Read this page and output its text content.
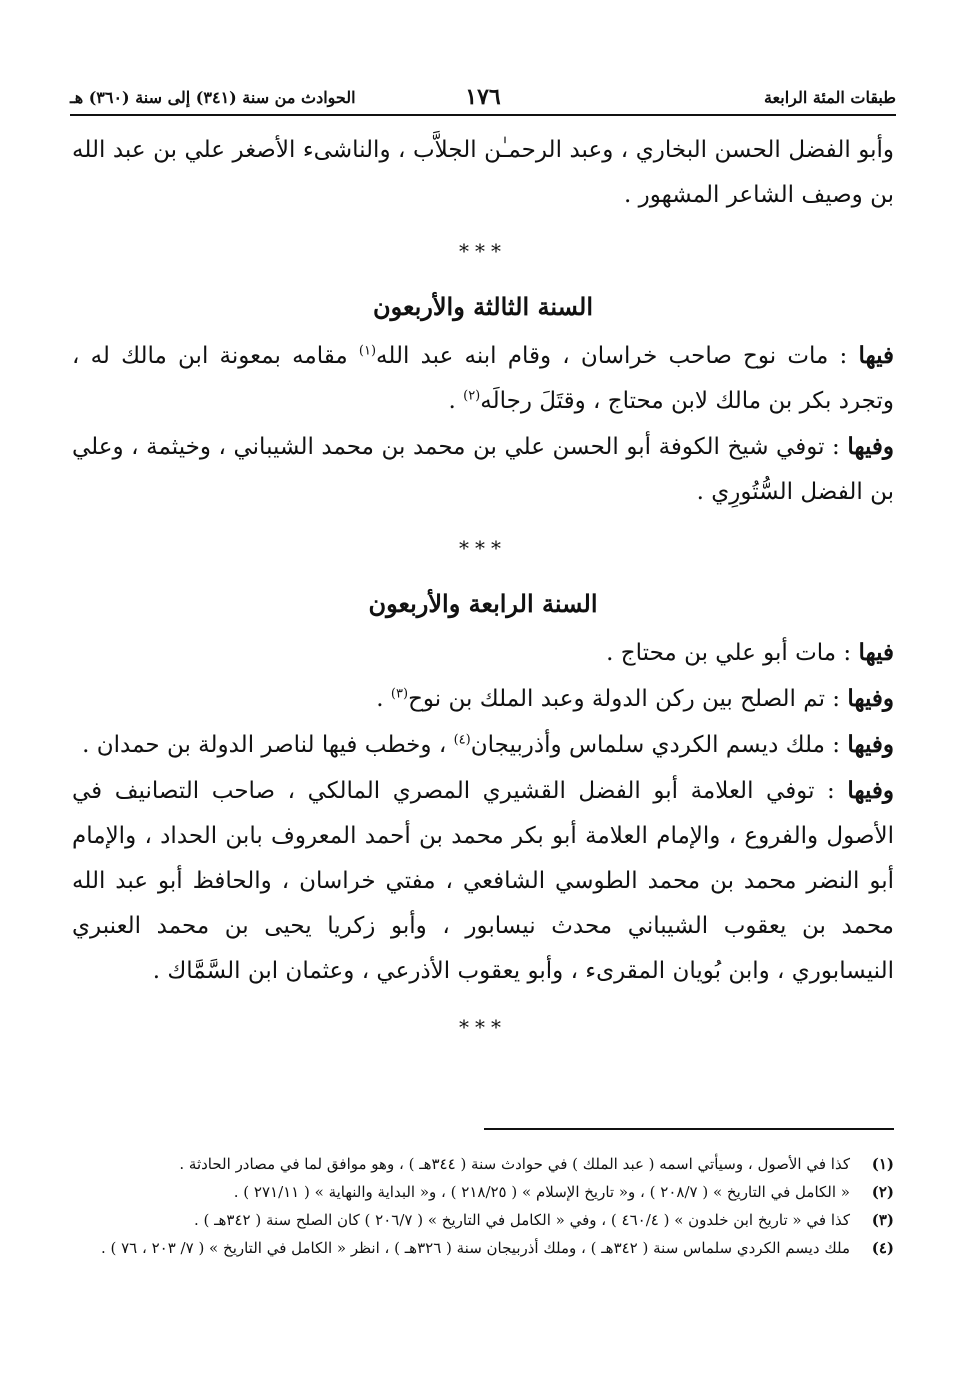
طبقات المئة الرابعة
١٧٦
الحوادث من سنة (٣٤١) إلى سنة (٣٦٠) هـ

وأبو الفضل الحسن البخاري ، وعبد الرحمـٰن الجلاَّب ، والناشىء الأصغر علي بن عبد الله بن وصيف الشاعر المشهور .

***
السنة الثالثة والأربعون

فيها : مات نوح صاحب خراسان ، وقام ابنه عبد الله$^{(١)}$ مقامه بمعونة ابن مالك له ، وتجرد بكر بن مالك لابن محتاج ، وقتَلَ رجالَه$^{(٢)}$ .

وفيها : توفي شيخ الكوفة أبو الحسن علي بن محمد بن محمد الشيباني ، وخيثمة ، وعلي بن الفضل السُّتُورِي .

***
السنة الرابعة والأربعون

فيها : مات أبو علي بن محتاج .

وفيها : تم الصلح بين ركن الدولة وعبد الملك بن نوح$^{(٣)}$ .

وفيها : ملك ديسم الكردي سلماس وأذربيجان$^{(٤)}$ ، وخطب فيها لناصر الدولة بن حمدان .

وفيها : توفي العلامة أبو الفضل القشيري المصري المالكي ، صاحب التصانيف في الأصول والفروع ، والإمام العلامة أبو بكر محمد بن أحمد المعروف بابن الحداد ، والإمام أبو النضر محمد بن محمد الطوسي الشافعي ، مفتي خراسان ، والحافظ أبو عبد الله محمد بن يعقوب الشيباني محدث نيسابور ، وأبو زكريا يحيى بن محمد العنبري النيسابوري ، وابن بُويان المقرىء ، وأبو يعقوب الأذرعي ، وعثمان ابن السَّمَّاك .

***

(١)
كذا في الأصول ، وسيأتي اسمه ( عبد الملك ) في حوادث سنة ( ٣٤٤هـ ) ، وهو موافق لما في مصادر الحادثة .

(٢)
« الكامل في التاريخ » ( ٢٠٨/٧ ) ، و« تاريخ الإسلام » ( ٢١٨/٢٥ ) ، و« البداية والنهاية » ( ٢٧١/١١ ) .

(٣)
كذا في « تاريخ ابن خلدون » ( ٤٦٠/٤ ) ، وفي « الكامل في التاريخ » ( ٢٠٦/٧ ) كان الصلح سنة ( ٣٤٢هـ ) .

(٤)
ملك ديسم الكردي سلماس سنة ( ٣٤٢هـ ) ، وملك أذربيجان سنة ( ٣٢٦هـ ) ، انظر « الكامل في التاريخ » ( ٧/ ٢٠٣ ، ٧٦ ) .
